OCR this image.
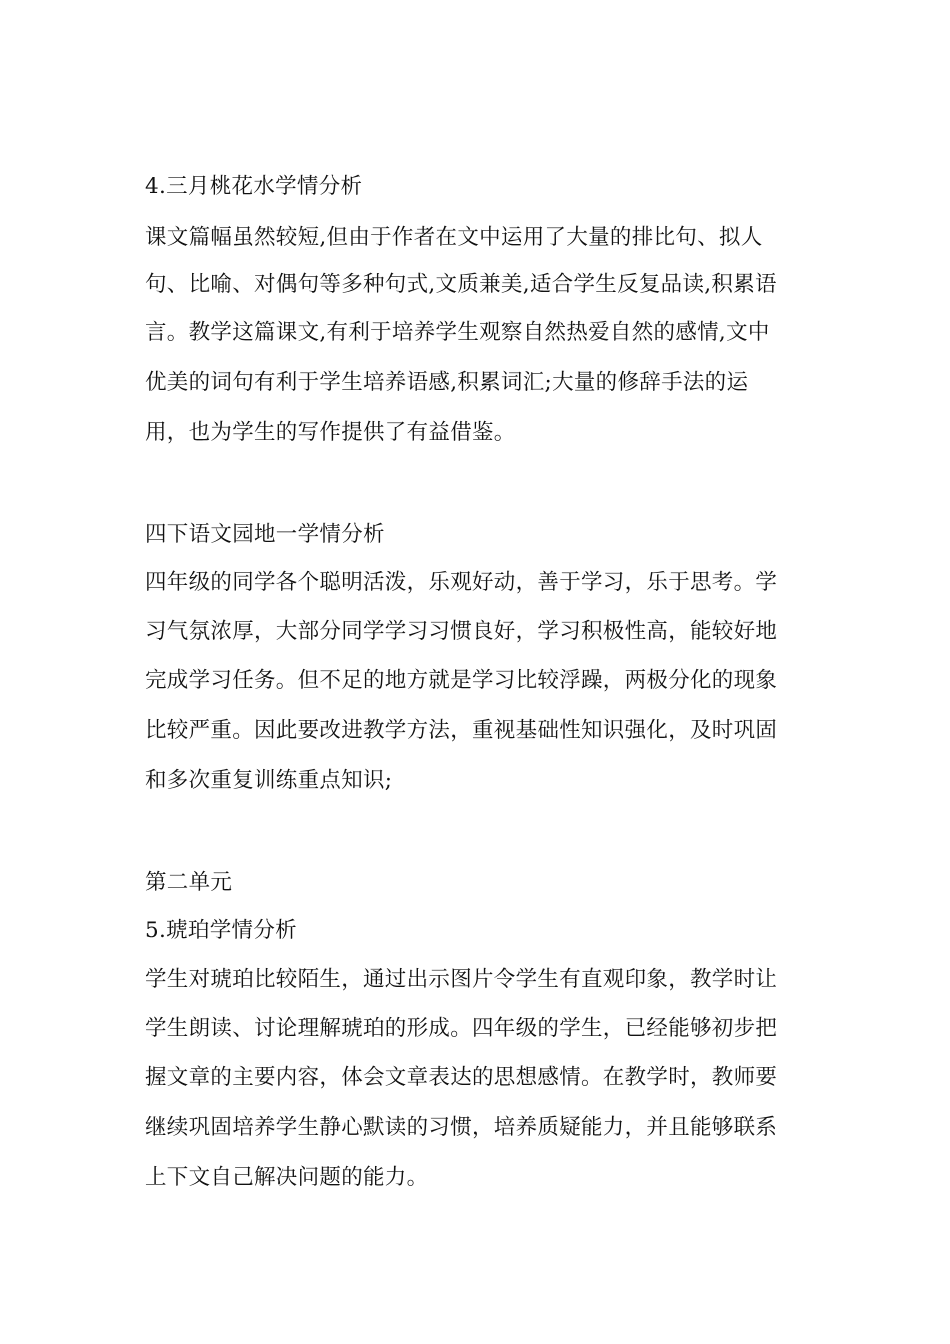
4.三月桃花水学情分析
课文篇幅虽然较短,但由于作者在文中运用了大量的排比句、拟人
句、比喻、对偶句等多种句式,文质兼美,适合学生反复品读,积累语
言。教学这篇课文,有利于培养学生观察自然热爱自然的感情,文中
优美的词句有利于学生培养语感,积累词汇;大量的修辞手法的运
用，也为学生的写作提供了有益借鉴。
四下语文园地一学情分析
四年级的同学各个聪明活泼，乐观好动，善于学习，乐于思考。学
习气氛浓厚，大部分同学学习习惯良好，学习积极性高，能较好地
完成学习任务。但不足的地方就是学习比较浮躁，两极分化的现象
比较严重。因此要改进教学方法，重视基础性知识强化，及时巩固
和多次重复训练重点知识;
第二单元
5.琥珀学情分析
学生对琥珀比较陌生，通过出示图片令学生有直观印象，教学时让
学生朗读、讨论理解琥珀的形成。四年级的学生，已经能够初步把
握文章的主要内容，体会文章表达的思想感情。在教学时，教师要
继续巩固培养学生静心默读的习惯，培养质疑能力，并且能够联系
上下文自己解决问题的能力。
